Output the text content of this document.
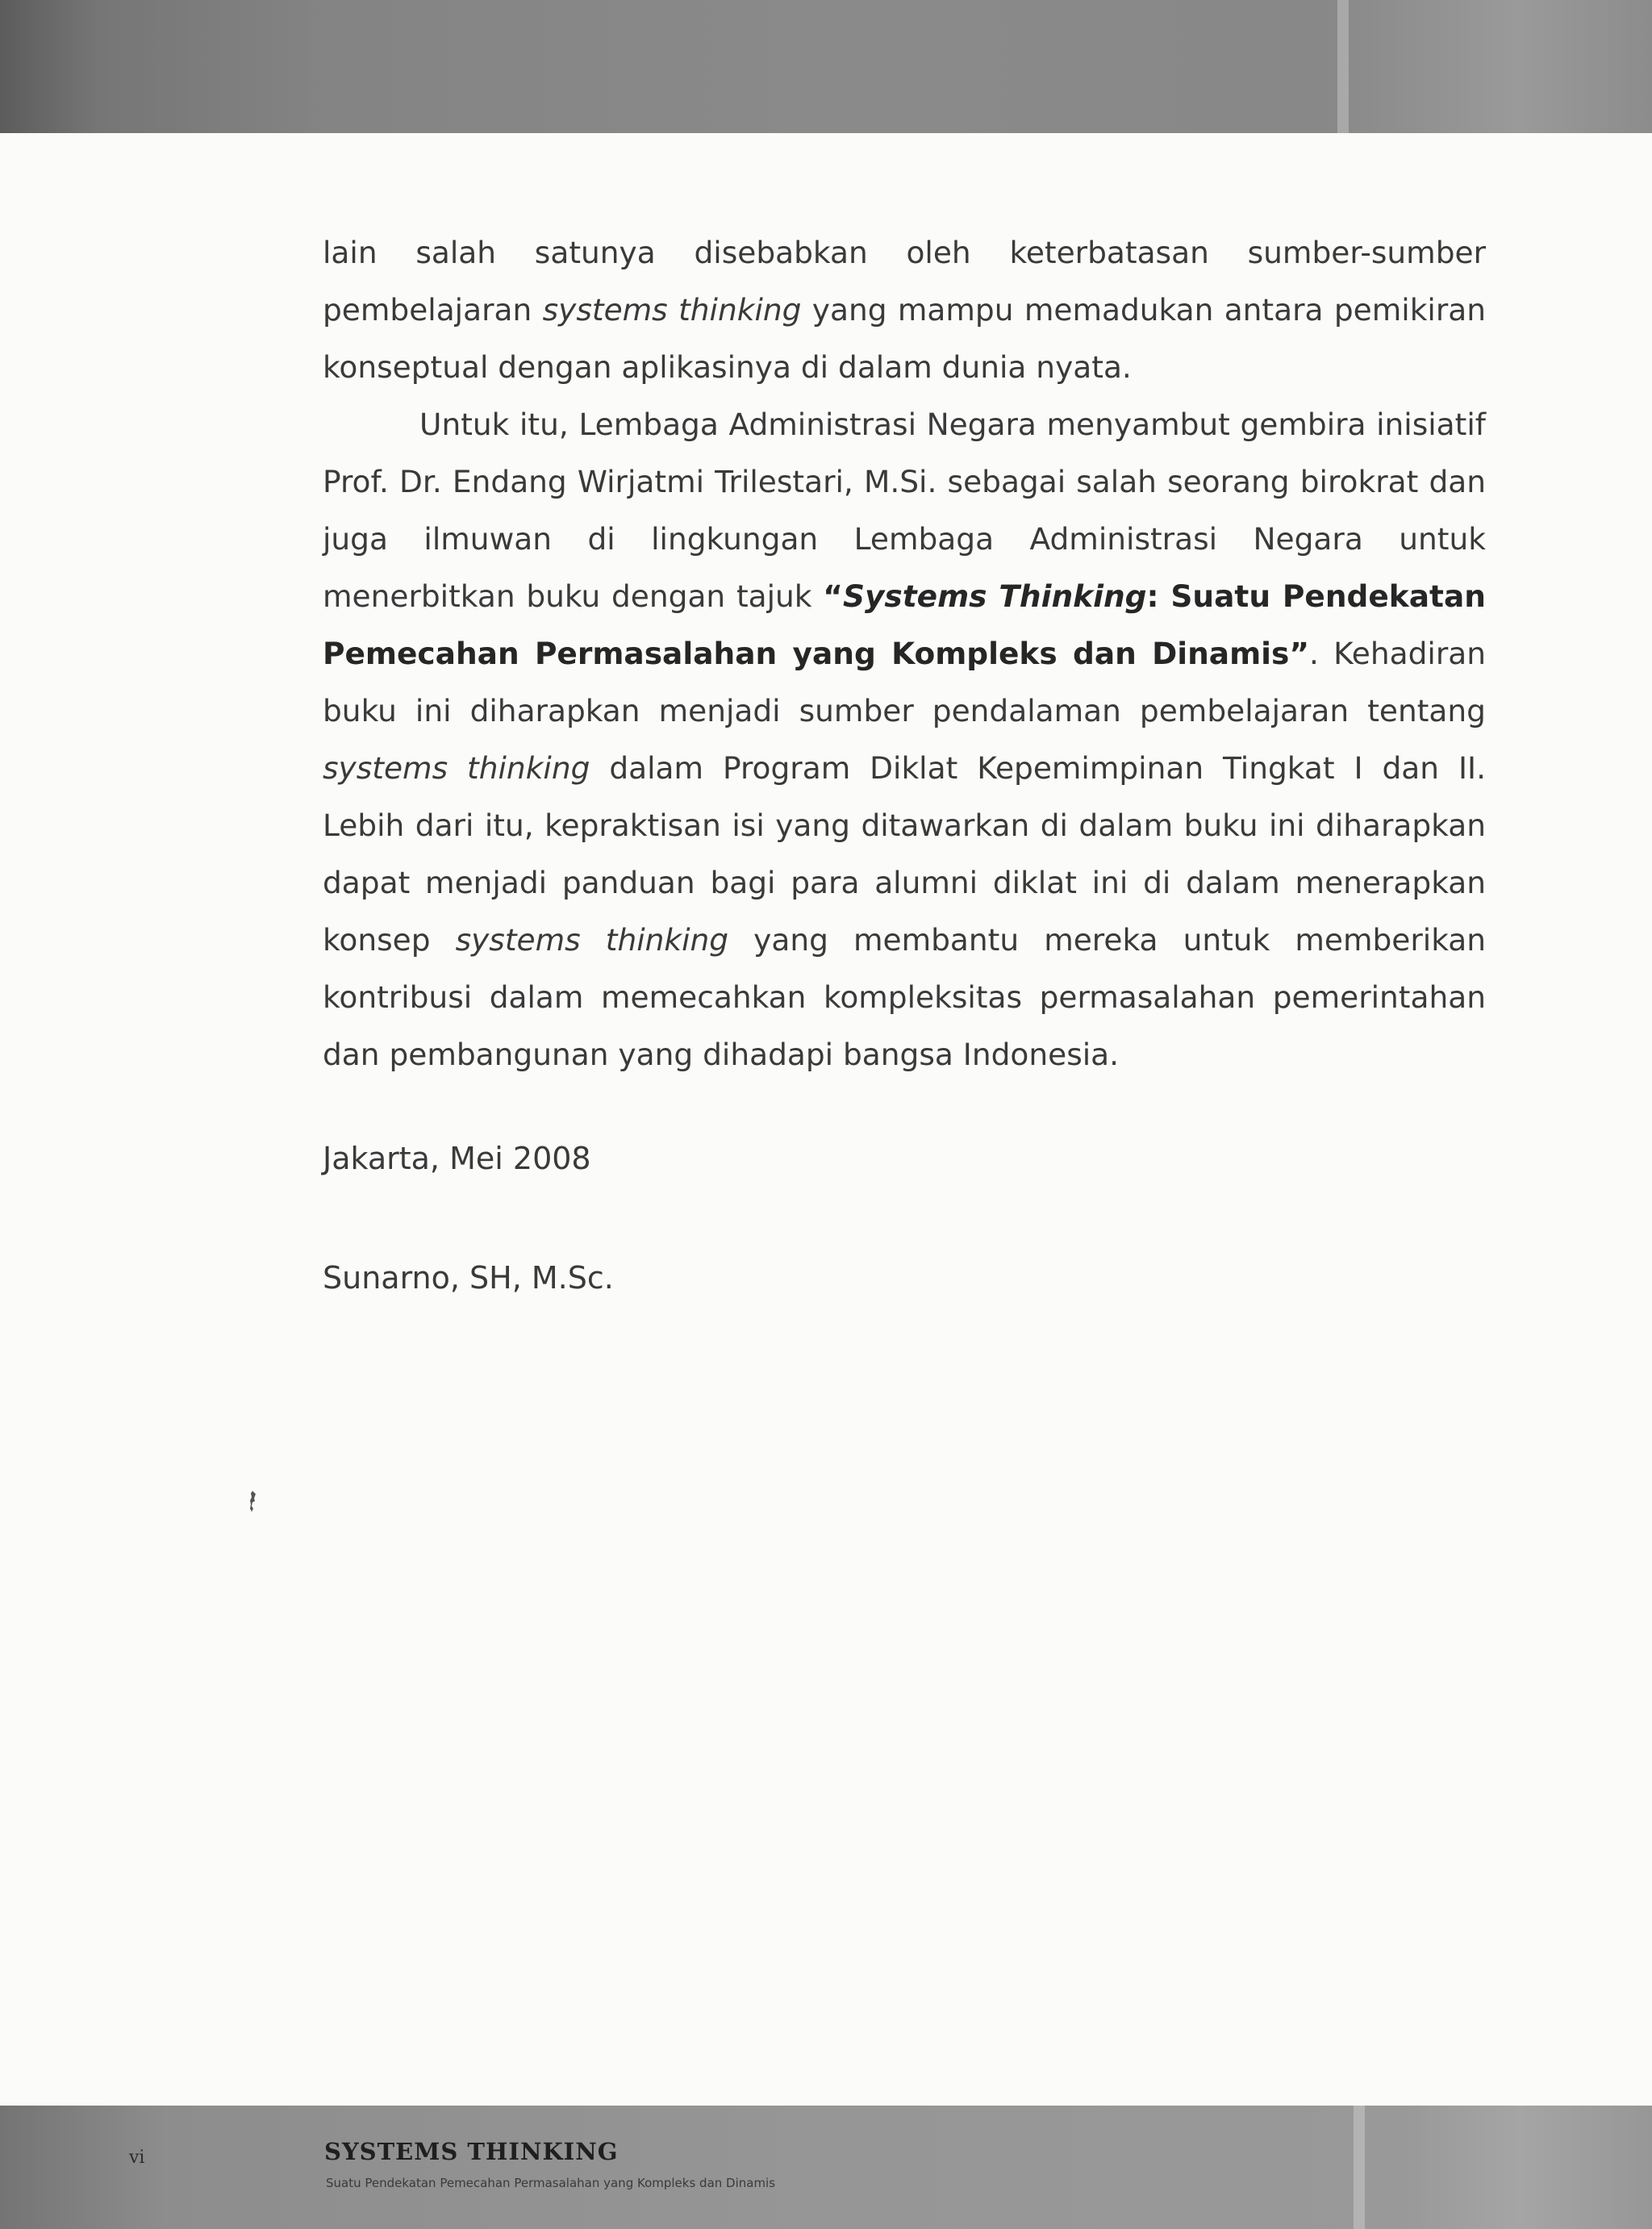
lain salah satunya disebabkan oleh keterbatasan sumber-sumber pembelajaran systems thinking yang mampu memadukan antara pemikiran konseptual dengan aplikasinya di dalam dunia nyata.

Untuk itu, Lembaga Administrasi Negara menyambut gembira inisiatif Prof. Dr. Endang Wirjatmi Trilestari, M.Si. sebagai salah seorang birokrat dan juga ilmuwan di lingkungan Lembaga Administrasi Negara untuk menerbitkan buku dengan tajuk “Systems Thinking: Suatu Pendekatan Pemecahan Permasalahan yang Kompleks dan Dinamis”. Kehadiran buku ini diharapkan menjadi sumber pendalaman pembelajaran tentang systems thinking dalam Program Diklat Kepemimpinan Tingkat I dan II. Lebih dari itu, kepraktisan isi yang ditawarkan di dalam buku ini diharapkan dapat menjadi panduan bagi para alumni diklat ini di dalam menerapkan konsep systems thinking yang membantu mereka untuk memberikan kontribusi dalam memecahkan kompleksitas permasalahan pemerintahan dan pembangunan yang dihadapi bangsa Indonesia.

Jakarta, Mei 2008
Sunarno, SH, M.Sc.
vi	SYSTEMS THINKING
Suatu Pendekatan Pemecahan Permasalahan yang Kompleks dan Dinamis
